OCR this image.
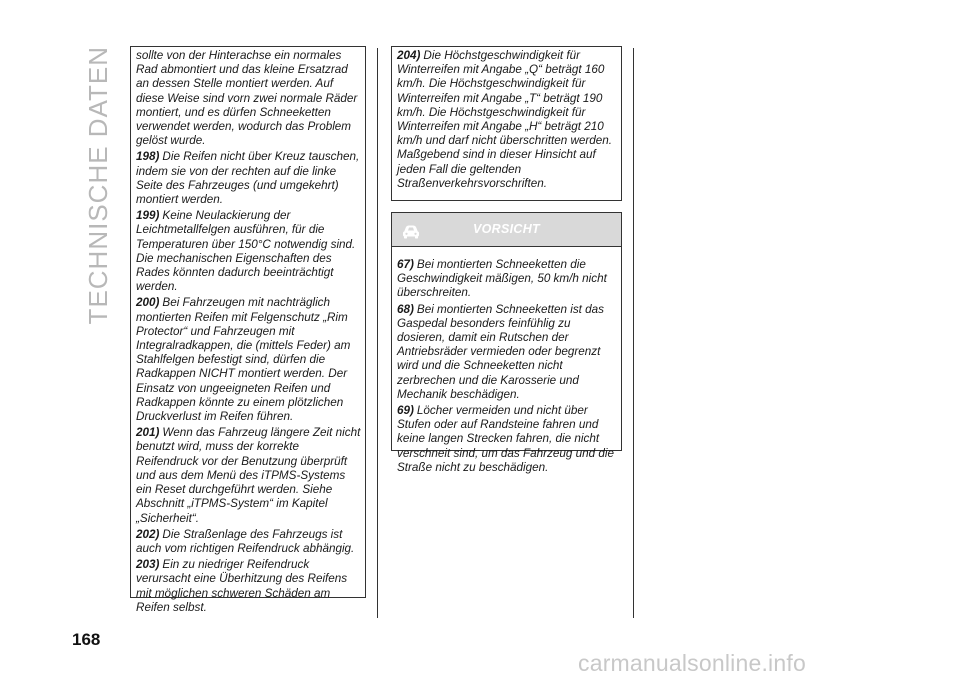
TECHNISCHE DATEN sollte von der Hinterachse ein normales Rad abmontiert und das kleine Ersatzrad an dessen Stelle montiert werden. Auf diese Weise sind vorn zwei normale Räder montiert, und es dürfen Schneeketten verwendet werden, wodurch das Problem gelöst wurde.

198) Die Reifen nicht über Kreuz tauschen, indem sie von der rechten auf die linke Seite des Fahrzeuges (und umgekehrt) montiert werden.

199) Keine Neulackierung der Leichtmetallfelgen ausführen, für die Temperaturen über 150°C notwendig sind. Die mechanischen Eigenschaften des Rades könnten dadurch beeinträchtigt werden.

200) Bei Fahrzeugen mit nachträglich montierten Reifen mit Felgenschutz „Rim Protector“ und Fahrzeugen mit Integralradkappen, die (mittels Feder) am Stahlfelgen befestigt sind, dürfen die Radkappen NICHT montiert werden. Der Einsatz von ungeeigneten Reifen und Radkappen könnte zu einem plötzlichen Druckverlust im Reifen führen.

201) Wenn das Fahrzeug längere Zeit nicht benutzt wird, muss der korrekte Reifendruck vor der Benutzung überprüft und aus dem Menü des iTPMS-Systems ein Reset durchgeführt werden. Siehe Abschnitt „iTPMS-System“ im Kapitel „Sicherheit“.

202) Die Straßenlage des Fahrzeugs ist auch vom richtigen Reifendruck abhängig.

203) Ein zu niedriger Reifendruck verursacht eine Überhitzung des Reifens mit möglichen schweren Schäden am Reifen selbst.

204) Die Höchstgeschwindigkeit für Winterreifen mit Angabe „Q“ beträgt 160 km/h. Die Höchstgeschwindigkeit für Winterreifen mit Angabe „T“ beträgt 190 km/h. Die Höchstgeschwindigkeit für Winterreifen mit Angabe „H“ beträgt 210 km/h und darf nicht überschritten werden. Maßgebend sind in dieser Hinsicht auf jeden Fall die geltenden Straßenverkehrsvorschriften.

VORSICHT

67) Bei montierten Schneeketten die Geschwindigkeit mäßigen, 50 km/h nicht überschreiten.

68) Bei montierten Schneeketten ist das Gaspedal besonders feinfühlig zu dosieren, damit ein Rutschen der Antriebsräder vermieden oder begrenzt wird und die Schneeketten nicht zerbrechen und die Karosserie und Mechanik beschädigen.

69) Löcher vermeiden und nicht über Stufen oder auf Randsteine fahren und keine langen Strecken fahren, die nicht verschneit sind, um das Fahrzeug und die Straße nicht zu beschädigen.

168
carmanualsonline.info
